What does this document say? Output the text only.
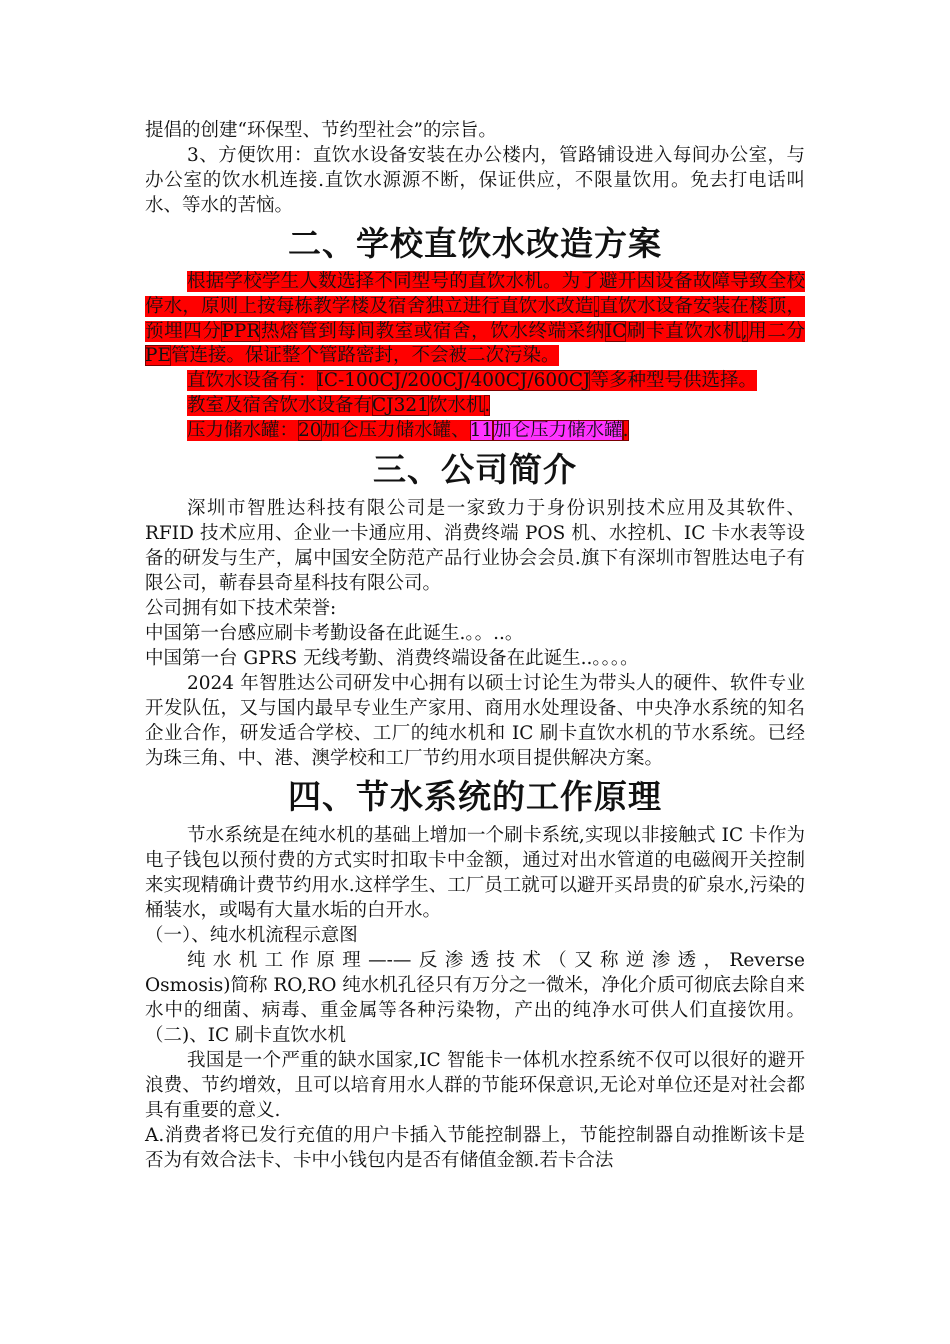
提倡的创建“环保型、节约型社会”的宗旨。

3、方便饮用：直饮水设备安装在办公楼内，管路铺设进入每间办公室，与办公室的饮水机连接.直饮水源源不断，保证供应，不限量饮用。免去打电话叫水、等水的苦恼。

二、学校直饮水改造方案

根据学校学生人数选择不同型号的直饮水机。为了避开因设备故障导致全校停水，原则上按每栋教学楼及宿舍独立进行直饮水改造.直饮水设备安装在楼顶，预埋四分PPR热熔管到每间教室或宿舍，饮水终端采纳IC刷卡直饮水机,用二分PE管连接。保证整个管路密封，不会被二次污染。

直饮水设备有：IC-100CJ/200CJ/400CJ/600CJ等多种型号供选择。

教室及宿舍饮水设备有CJ321饮水机.

压力储水罐：20加仑压力储水罐、11加仑压力储水罐.

三、公司简介

深圳市智胜达科技有限公司是一家致力于身份识别技术应用及其软件、RFID 技术应用、企业一卡通应用、消费终端 POS 机、水控机、IC 卡水表等设备的研发与生产，属中国安全防范产品行业协会会员.旗下有深圳市智胜达电子有限公司，蕲春县奇星科技有限公司。

公司拥有如下技术荣誉:

中国第一台感应刷卡考勤设备在此诞生.。。..。

中国第一台 GPRS 无线考勤、消费终端设备在此诞生..。。。。

2024 年智胜达公司研发中心拥有以硕士讨论生为带头人的硬件、软件专业开发队伍，又与国内最早专业生产家用、商用水处理设备、中央净水系统的知名企业合作，研发适合学校、工厂的纯水机和 IC 刷卡直饮水机的节水系统。已经为珠三角、中、港、澳学校和工厂节约用水项目提供解决方案。

四、节水系统的工作原理

节水系统是在纯水机的基础上增加一个刷卡系统,实现以非接触式 IC 卡作为电子钱包以预付费的方式实时扣取卡中金额，通过对出水管道的电磁阀开关控制来实现精确计费节约用水.这样学生、工厂员工就可以避开买昂贵的矿泉水,污染的桶装水，或喝有大量水垢的白开水。

（一）、纯水机流程示意图

纯水机工作原理—-—反渗透技术（又称逆渗透，Reverse

Osmosis)简称 RO,RO 纯水机孔径只有万分之一微米，净化介质可彻底去除自来水中的细菌、病毒、重金属等各种污染物，产出的纯净水可供人们直接饮用。（二)、IC 刷卡直饮水机

我国是一个严重的缺水国家,IC 智能卡一体机水控系统不仅可以很好的避开浪费、节约增效，且可以培育用水人群的节能环保意识,无论对单位还是对社会都具有重要的意义.

A.消费者将已发行充值的用户卡插入节能控制器上，节能控制器自动推断该卡是否为有效合法卡、卡中小钱包内是否有储值金额.若卡合法
